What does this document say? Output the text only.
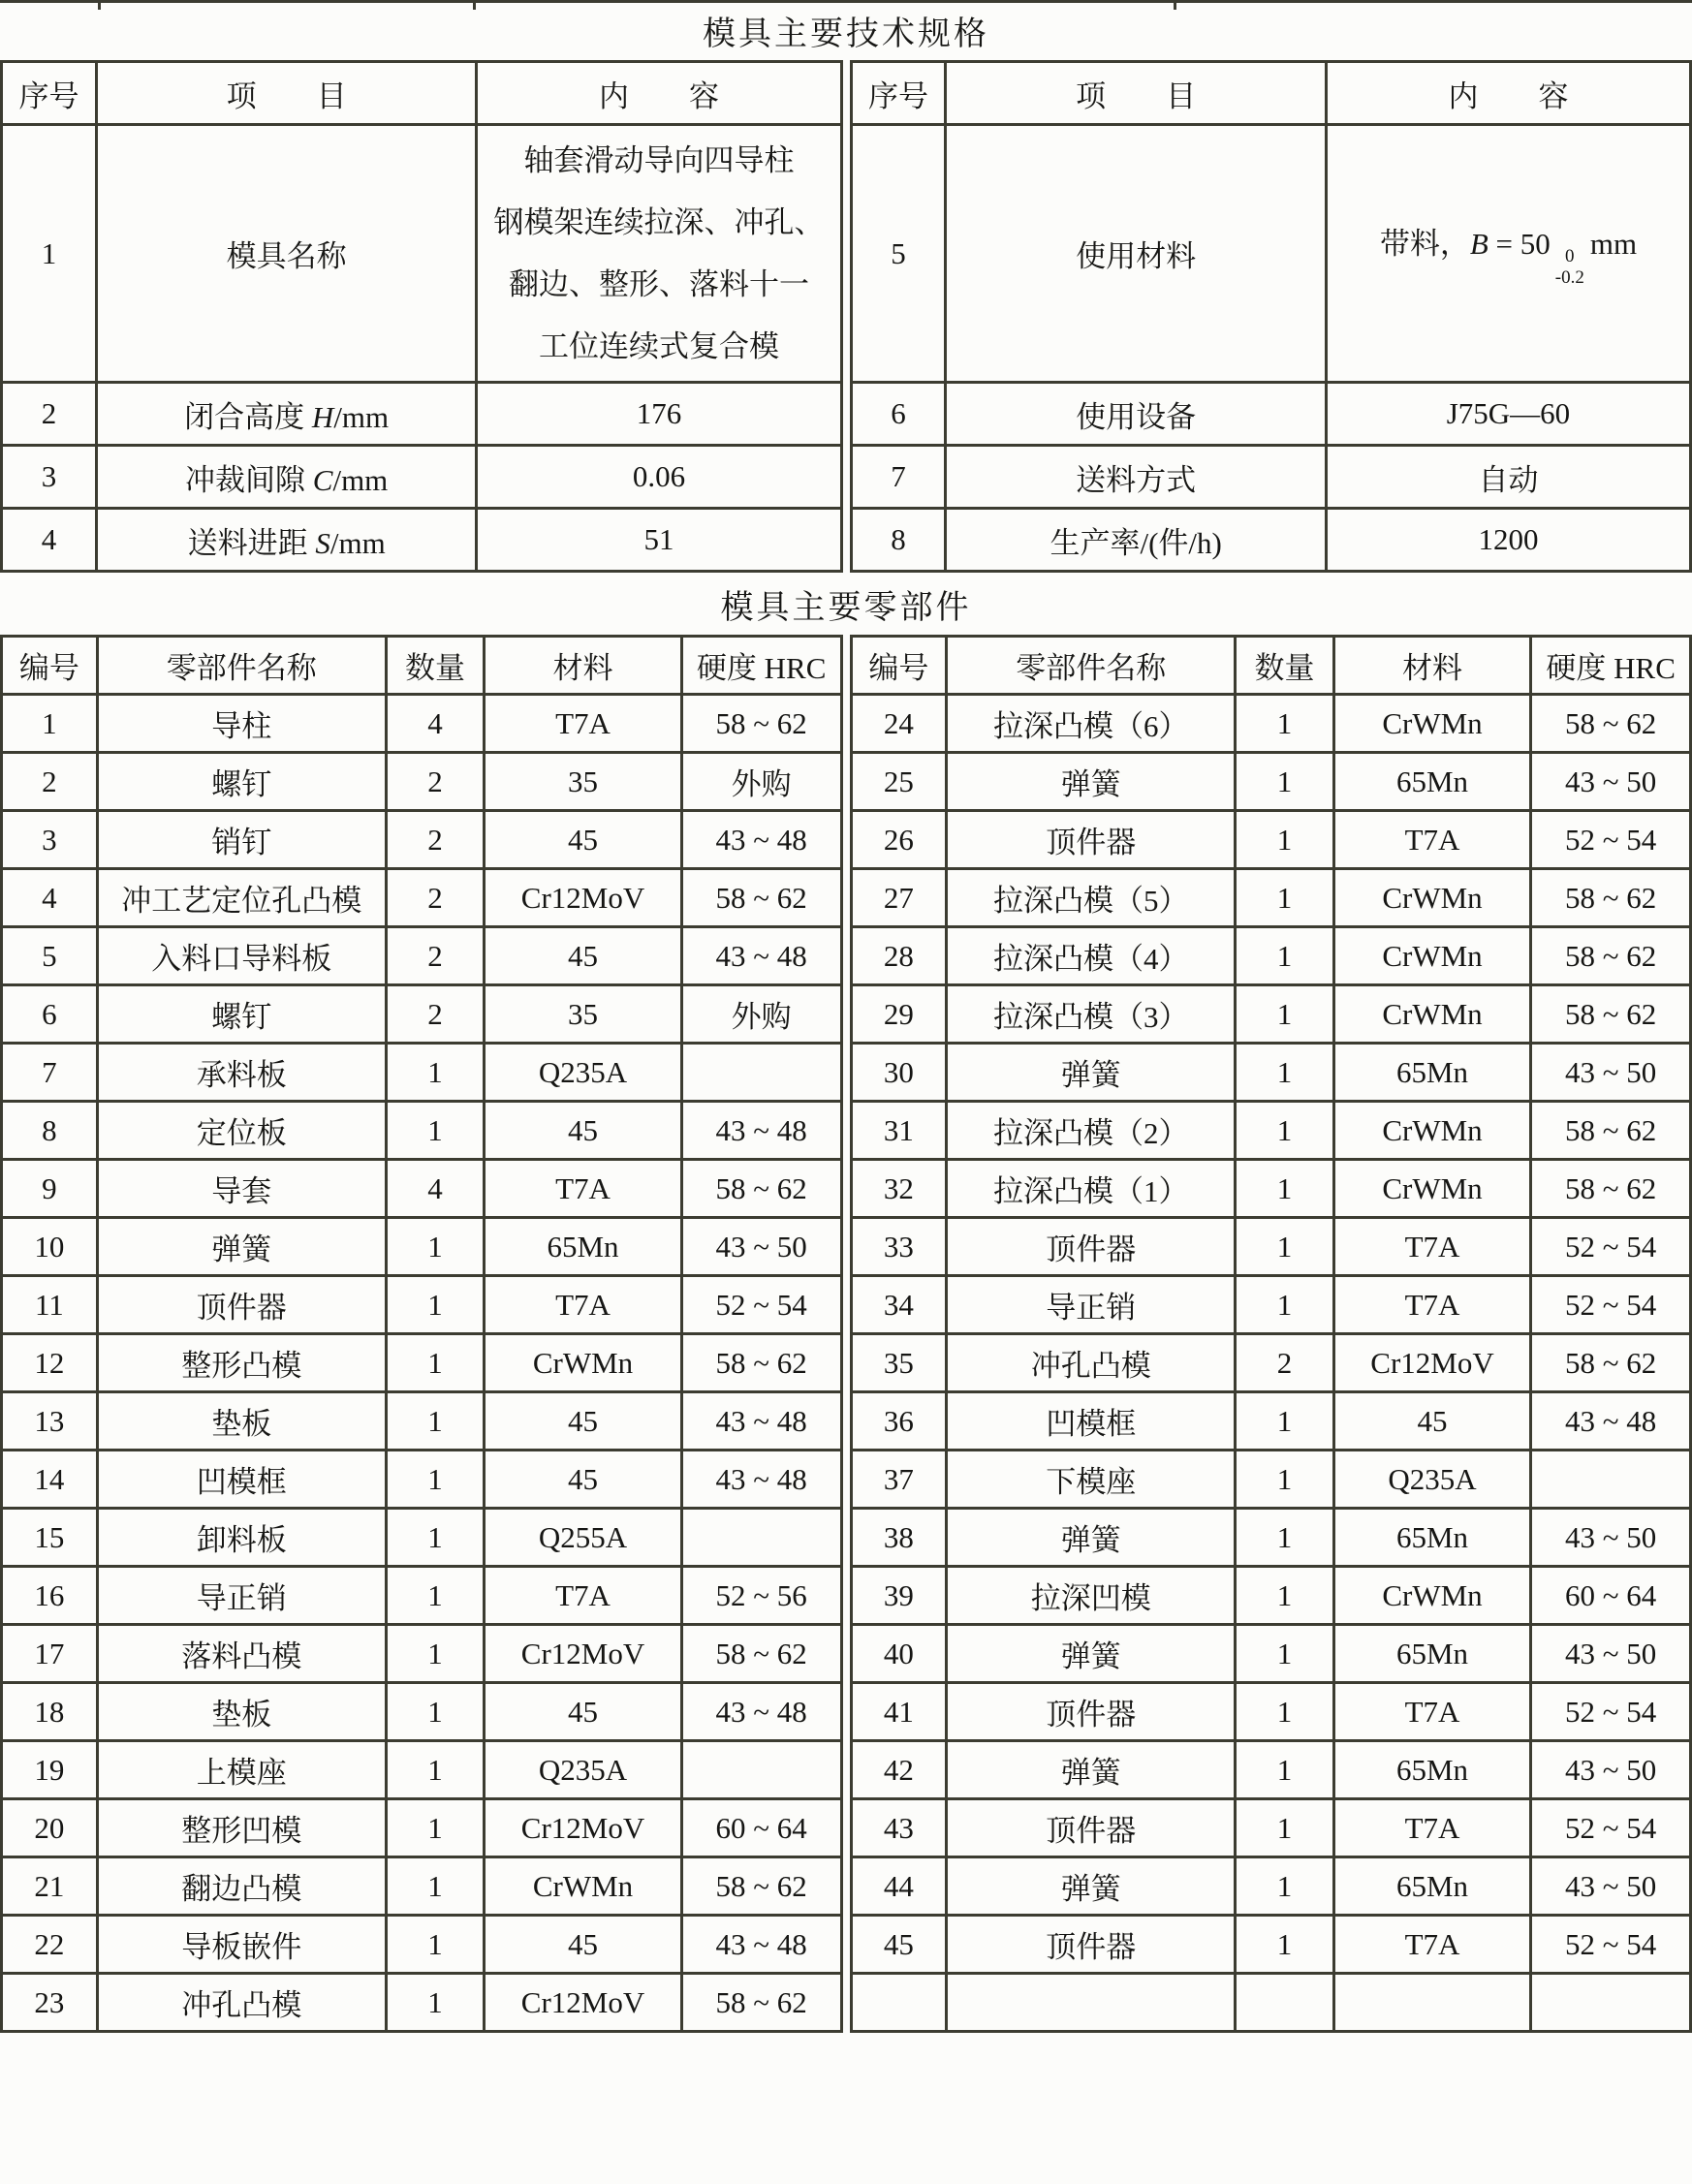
模具主要技术规格
序号	项　　目	内　　容
1	模具名称	轴套滑动导向四导柱
钢模架连续拉深、冲孔、
翻边、整形、落料十一
工位连续式复合模

2	闭合高度 H/mm	176
3	冲裁间隙 C/mm	0.06
4	送料进距 S/mm	51
序号	项　　目	内　　容
5	使用材料	带料，B = 50 0
-0.2
mm
6	使用设备	J75G—60
7	送料方式	自动
8	生产率/(件/h)	1200
模具主要零部件
编号	零部件名称	数量	材料	硬度 HRC
1	导柱	4	T7A	58 ~ 62
2	螺钉	2	35	外购
3	销钉	2	45	43 ~ 48
4	冲工艺定位孔凸模	2	Cr12MoV	58 ~ 62
5	入料口导料板	2	45	43 ~ 48
6	螺钉	2	35	外购
7	承料板	1	Q235A	
8	定位板	1	45	43 ~ 48
9	导套	4	T7A	58 ~ 62
10	弹簧	1	65Mn	43 ~ 50
11	顶件器	1	T7A	52 ~ 54
12	整形凸模	1	CrWMn	58 ~ 62
13	垫板	1	45	43 ~ 48
14	凹模框	1	45	43 ~ 48
15	卸料板	1	Q255A	
16	导正销	1	T7A	52 ~ 56
17	落料凸模	1	Cr12MoV	58 ~ 62
18	垫板	1	45	43 ~ 48
19	上模座	1	Q235A	
20	整形凹模	1	Cr12MoV	60 ~ 64
21	翻边凸模	1	CrWMn	58 ~ 62
22	导板嵌件	1	45	43 ~ 48
23	冲孔凸模	1	Cr12MoV	58 ~ 62
编号	零部件名称	数量	材料	硬度 HRC
24	拉深凸模（6）	1	CrWMn	58 ~ 62
25	弹簧	1	65Mn	43 ~ 50
26	顶件器	1	T7A	52 ~ 54
27	拉深凸模（5）	1	CrWMn	58 ~ 62
28	拉深凸模（4）	1	CrWMn	58 ~ 62
29	拉深凸模（3）	1	CrWMn	58 ~ 62
30	弹簧	1	65Mn	43 ~ 50
31	拉深凸模（2）	1	CrWMn	58 ~ 62
32	拉深凸模（1）	1	CrWMn	58 ~ 62
33	顶件器	1	T7A	52 ~ 54
34	导正销	1	T7A	52 ~ 54
35	冲孔凸模	2	Cr12MoV	58 ~ 62
36	凹模框	1	45	43 ~ 48
37	下模座	1	Q235A	
38	弹簧	1	65Mn	43 ~ 50
39	拉深凹模	1	CrWMn	60 ~ 64
40	弹簧	1	65Mn	43 ~ 50
41	顶件器	1	T7A	52 ~ 54
42	弹簧	1	65Mn	43 ~ 50
43	顶件器	1	T7A	52 ~ 54
44	弹簧	1	65Mn	43 ~ 50
45	顶件器	1	T7A	52 ~ 54
